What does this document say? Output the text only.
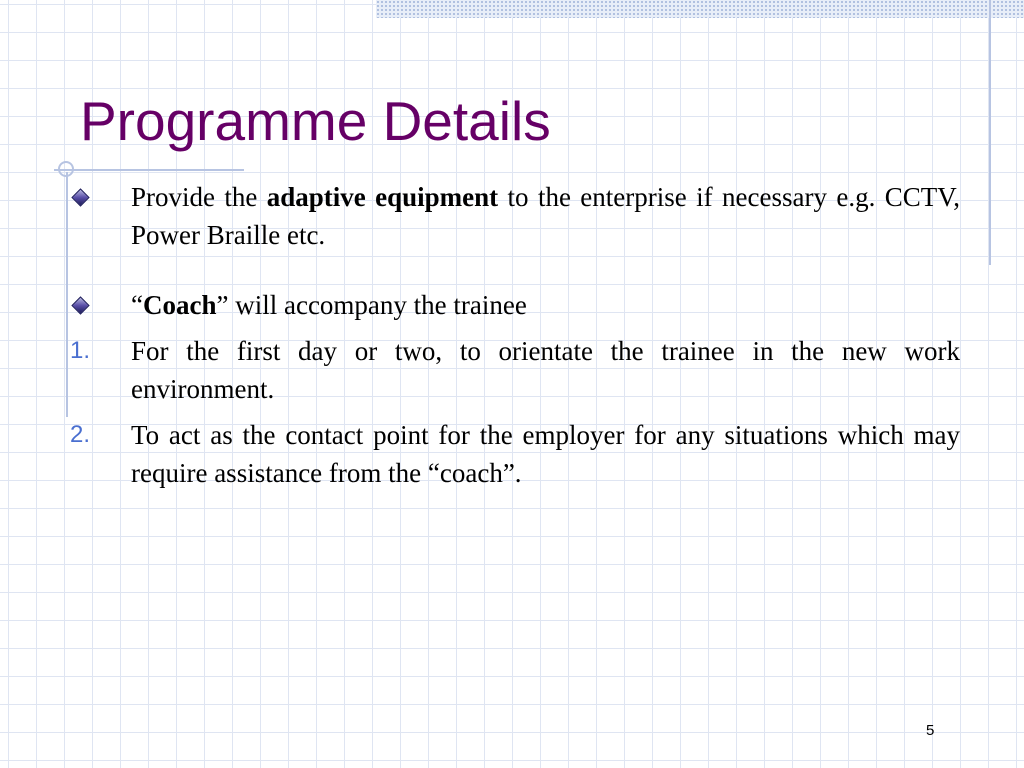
Programme Details
Provide the adaptive equipment to the enterprise if necessary e.g. CCTV, Power Braille etc.
“Coach” will accompany the trainee
1. For the first day or two, to orientate the trainee in the new work environment.
2. To act as the contact point for the employer for any situations which may require assistance from the “coach”.
5
